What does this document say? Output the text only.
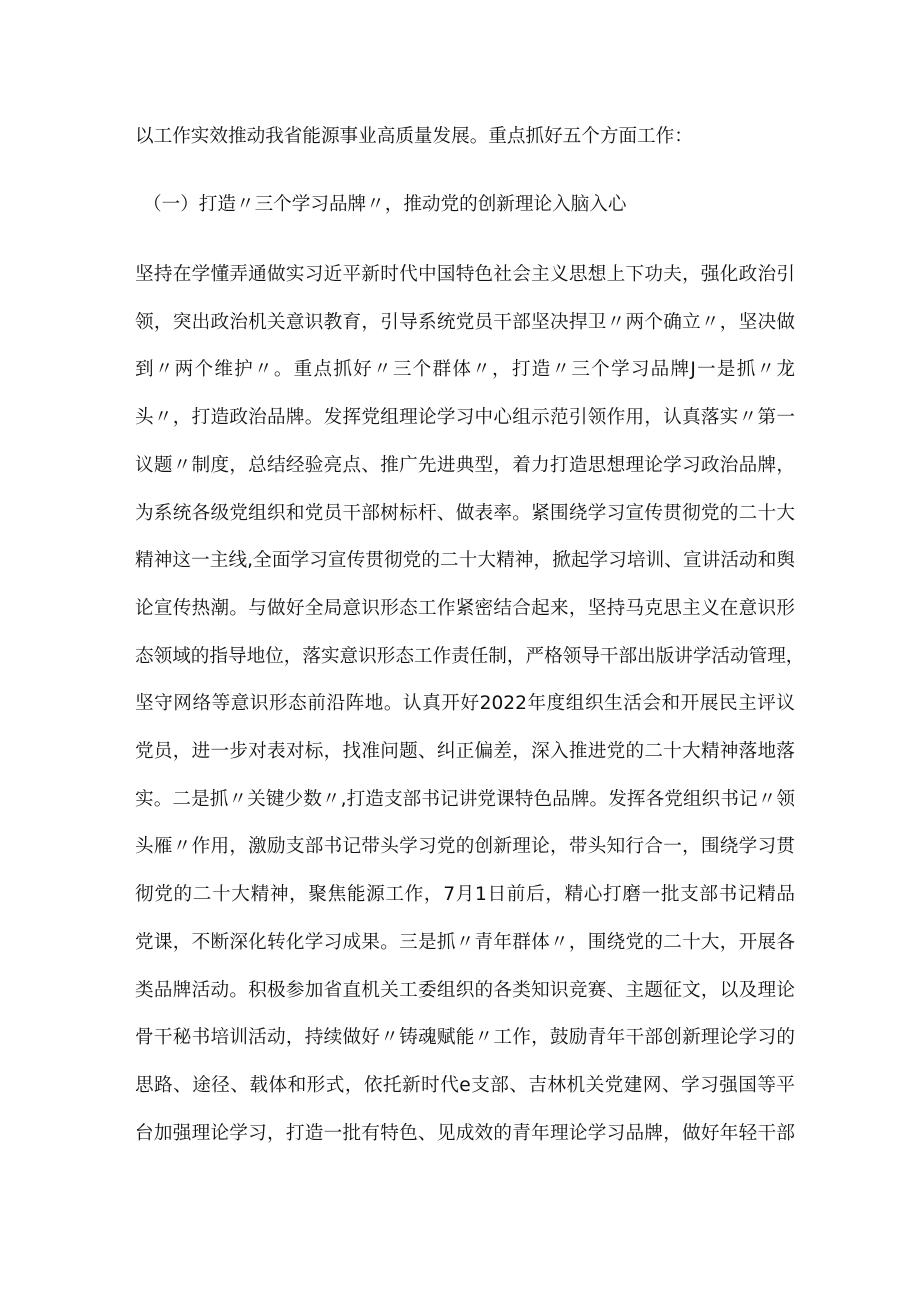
以工作实效推动我省能源事业高质量发展。重点抓好五个方面工作：
（一）打造〃三个学习品牌〃，推动党的创新理论入脑入心
坚持在学懂弄通做实习近平新时代中国特色社会主义思想上下功夫，强化政治引
领，突出政治机关意识教育，引导系统党员干部坚决捍卫〃两个确立〃，坚决做
到〃两个维护〃。重点抓好〃三个群体〃，打造〃三个学习品牌J一是抓〃龙
头〃，打造政治品牌。发挥党组理论学习中心组示范引领作用，认真落实〃第一
议题〃制度，总结经验亮点、推广先进典型，着力打造思想理论学习政治品牌，
为系统各级党组织和党员干部树标杆、做表率。紧围绕学习宣传贯彻党的二十大
精神这一主线,全面学习宣传贯彻党的二十大精神，掀起学习培训、宣讲活动和舆
论宣传热潮。与做好全局意识形态工作紧密结合起来，坚持马克思主义在意识形
态领域的指导地位，落实意识形态工作责任制，严格领导干部出版讲学活动管理，
坚守网络等意识形态前沿阵地。认真开好2022年度组织生活会和开展民主评议
党员，进一步对表对标，找准问题、纠正偏差，深入推进党的二十大精神落地落
实。二是抓〃关键少数〃,打造支部书记讲党课特色品牌。发挥各党组织书记〃领
头雁〃作用，激励支部书记带头学习党的创新理论，带头知行合一，围绕学习贯
彻党的二十大精神，聚焦能源工作，7月1日前后，精心打磨一批支部书记精品
党课，不断深化转化学习成果。三是抓〃青年群体〃，围绕党的二十大，开展各
类品牌活动。积极参加省直机关工委组织的各类知识竞赛、主题征文，以及理论
骨干秘书培训活动，持续做好〃铸魂赋能〃工作，鼓励青年干部创新理论学习的
思路、途径、载体和形式，依托新时代e支部、吉林机关党建网、学习强国等平
台加强理论学习，打造一批有特色、见成效的青年理论学习品牌，做好年轻干部
